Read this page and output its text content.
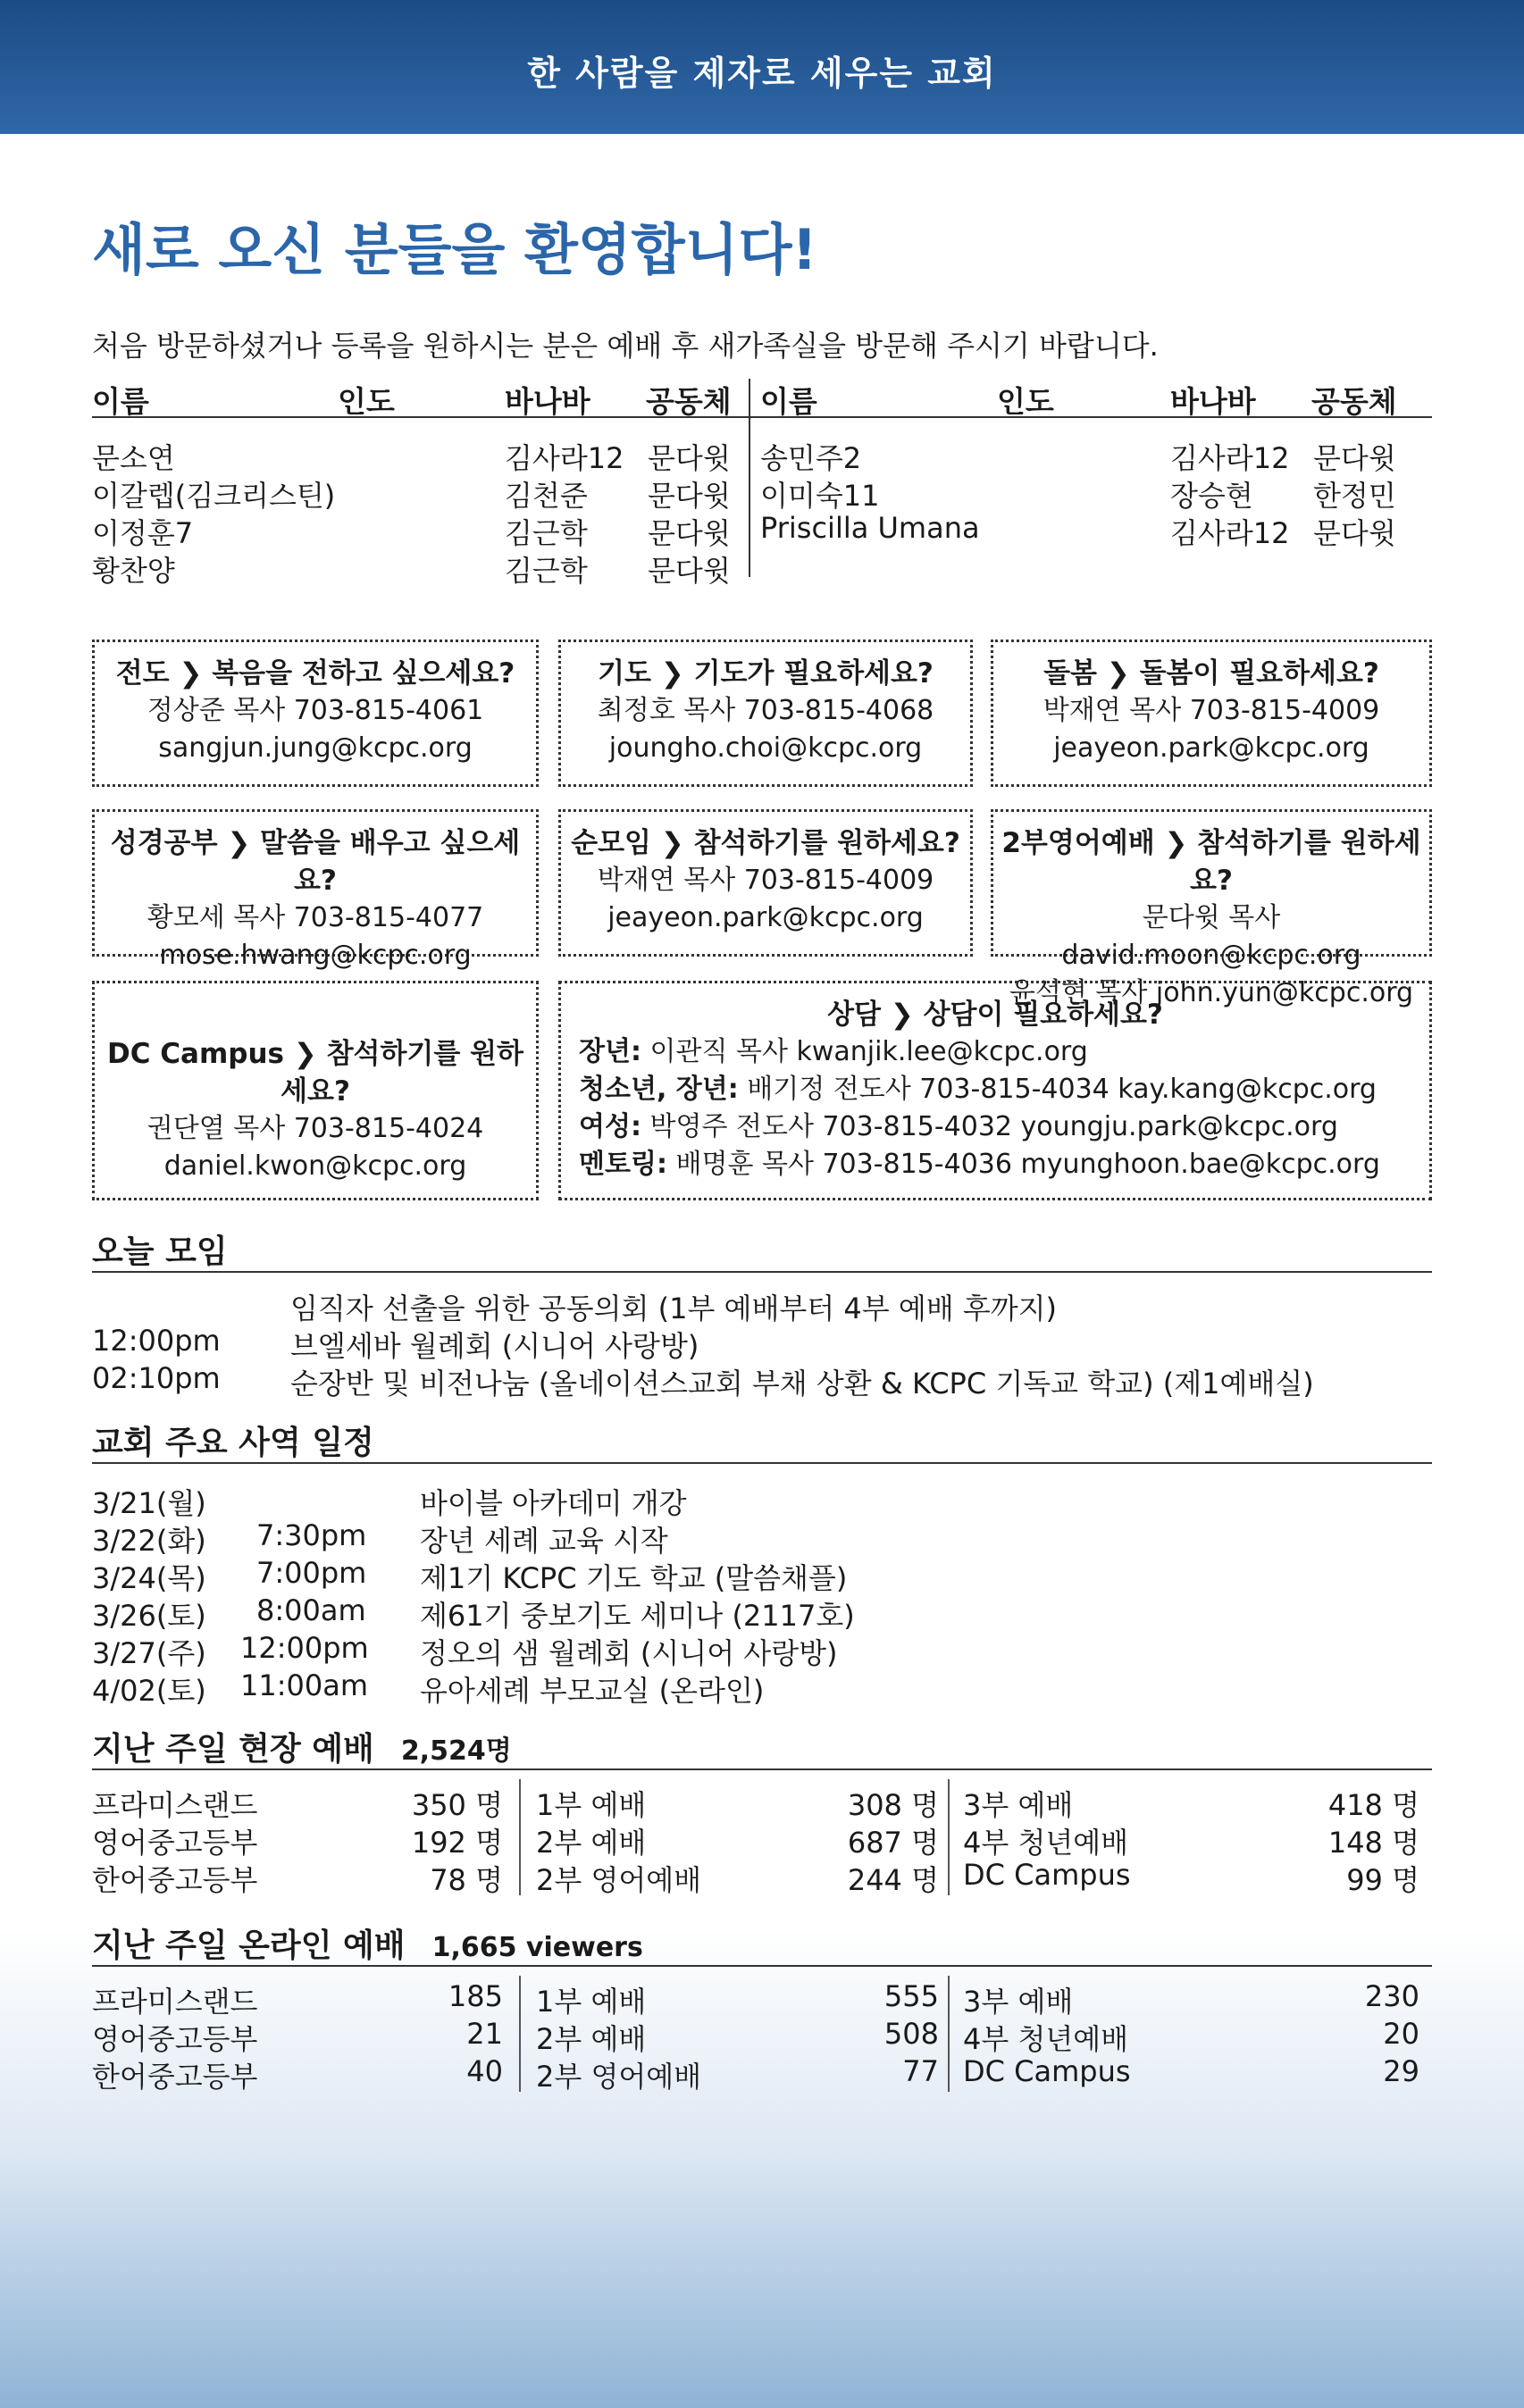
한 사람을 제자로 세우는 교회
새로 오신 분들을 환영합니다!
처음 방문하셨거나 등록을 원하시는 분은 예배 후 새가족실을 방문해 주시기 바랍니다.
이름	인도	바나바 공동체 이름	인도	바나바 공동체
문소연	김사라12 문다윗 송민주2	김사라12 문다윗
이갈렙(김크리스틴)	김천준 문다윗 이미숙11	장승현 한정민
이정훈7	김근학 문다윗 Priscilla Umana	김사라12 문다윗
황찬양	김근학 문다윗
전도 ❯ 복음을 전하고 싶으세요?
정상준 목사 703-815-4061
sangjun.jung@kcpc.org
기도 ❯ 기도가 필요하세요?
최정호 목사 703-815-4068
joungho.choi@kcpc.org
돌봄 ❯ 돌봄이 필요하세요?
박재연 목사 703-815-4009
jeayeon.park@kcpc.org
성경공부 ❯ 말씀을 배우고 싶으세요?
황모세 목사 703-815-4077
mose.hwang@kcpc.org
순모임 ❯ 참석하기를 원하세요?
박재연 목사 703-815-4009
jeayeon.park@kcpc.org
2부영어예배 ❯ 참석하기를 원하세요?
문다윗 목사 david.moon@kcpc.org
윤석현 목사 john.yun@kcpc.org
DC Campus ❯ 참석하기를 원하세요?
권단열 목사 703-815-4024
daniel.kwon@kcpc.org
상담 ❯ 상담이 필요하세요?
장년: 이관직 목사 kwanjik.lee@kcpc.org
청소년, 장년: 배기정 전도사 703-815-4034 kay.kang@kcpc.org
여성: 박영주 전도사 703-815-4032 youngju.park@kcpc.org
멘토링: 배명훈 목사 703-815-4036 myunghoon.bae@kcpc.org
오늘 모임
임직자 선출을 위한 공동의회 (1부 예배부터 4부 예배 후까지)
12:00pm 브엘세바 월례회 (시니어 사랑방)
02:10pm 순장반 및 비전나눔 (올네이션스교회 부채 상환 & KCPC 기독교 학교) (제1예배실)
교회 주요 사역 일정
3/21(월)	바이블 아카데미 개강
3/22(화) 7:30pm 장년 세례 교육 시작
3/24(목) 7:00pm 제1기 KCPC 기도 학교 (말씀채플)
3/26(토) 8:00am 제61기 중보기도 세미나 (2117호)
3/27(주) 12:00pm 정오의 샘 월례회 (시니어 사랑방)
4/02(토) 11:00am 유아세례 부모교실 (온라인)
지난 주일 현장 예배 2,524명
프라미스랜드	350 명
영어중고등부	192 명
한어중고등부	78 명
1부 예배	308 명
2부 예배	687 명
2부 영어예배	244 명
3부 예배	418 명
4부 청년예배	148 명
DC Campus	99 명
지난 주일 온라인 예배 1,665 viewers
프라미스랜드	185
영어중고등부	21
한어중고등부	40
1부 예배	555
2부 예배	508
2부 영어예배	77
3부 예배	230
4부 청년예배	20
DC Campus	29
